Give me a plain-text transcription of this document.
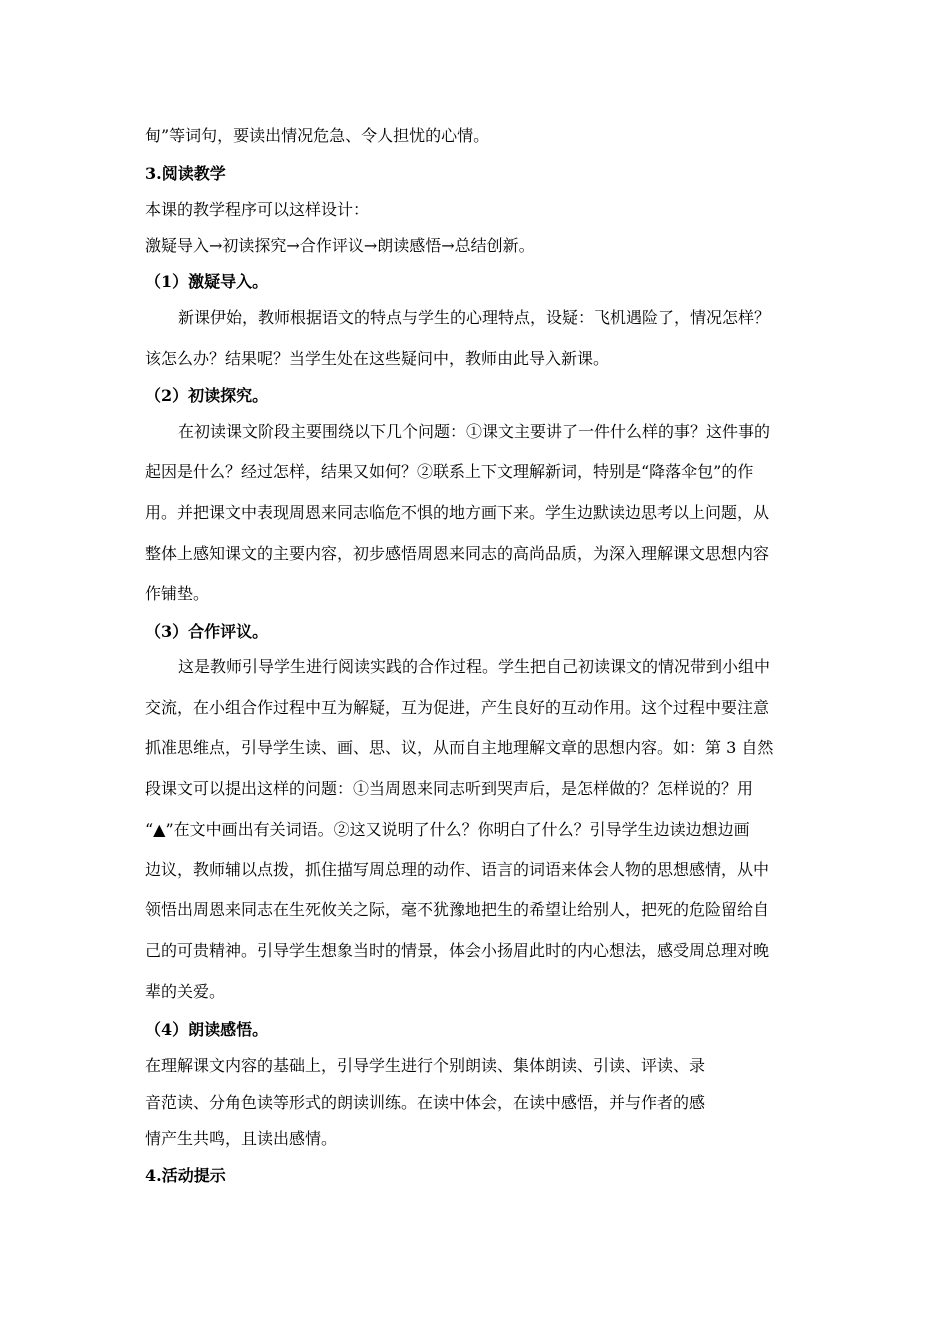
甸”等词句，要读出情况危急、令人担忧的心情。
3.阅读教学
本课的教学程序可以这样设计：
激疑导入→初读探究→合作评议→朗读感悟→总结创新。
（1）激疑导入。
新课伊始，教师根据语文的特点与学生的心理特点，设疑：飞机遇险了，情况怎样？
该怎么办？结果呢？当学生处在这些疑问中，教师由此导入新课。
（2）初读探究。
在初读课文阶段主要围绕以下几个问题：①课文主要讲了一件什么样的事？这件事的
起因是什么？经过怎样，结果又如何？②联系上下文理解新词，特别是“降落伞包”的作
用。并把课文中表现周恩来同志临危不惧的地方画下来。学生边默读边思考以上问题，从
整体上感知课文的主要内容，初步感悟周恩来同志的高尚品质，为深入理解课文思想内容
作铺垫。
（3）合作评议。
这是教师引导学生进行阅读实践的合作过程。学生把自己初读课文的情况带到小组中
交流，在小组合作过程中互为解疑，互为促进，产生良好的互动作用。这个过程中要注意
抓准思维点，引导学生读、画、思、议，从而自主地理解文章的思想内容。如：第 3 自然
段课文可以提出这样的问题：①当周恩来同志听到哭声后，是怎样做的？怎样说的？用
“▲”在文中画出有关词语。②这又说明了什么？你明白了什么？引导学生边读边想边画
边议，教师辅以点拨，抓住描写周总理的动作、语言的词语来体会人物的思想感情，从中
领悟出周恩来同志在生死攸关之际，毫不犹豫地把生的希望让给别人，把死的危险留给自
己的可贵精神。引导学生想象当时的情景，体会小扬眉此时的内心想法，感受周总理对晚
辈的关爱。
（4）朗读感悟。
在理解课文内容的基础上，引导学生进行个别朗读、集体朗读、引读、评读、录
音范读、分角色读等形式的朗读训练。在读中体会，在读中感悟，并与作者的感
情产生共鸣，且读出感情。
4.活动提示
